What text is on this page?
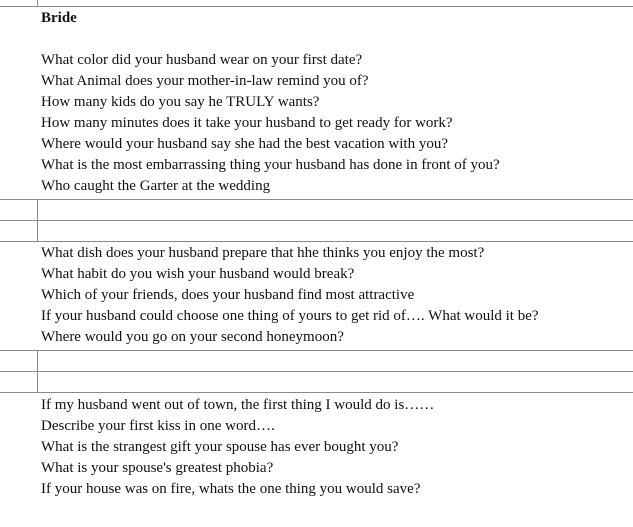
Bride
What color did your husband wear on your first date?
What Animal does your mother-in-law remind you of?
How many kids do you say he TRULY wants?
How many minutes does it take your husband to get ready for work?
Where would your husband say she had the best vacation with you?
What is the most embarrassing thing your husband has done in front of you?
Who caught the Garter at the wedding
What dish does your husband prepare that hhe thinks you enjoy the most?
What habit do you wish your husband would break?
Which of your friends, does your husband find most attractive
If your husband could choose one thing of yours to get rid of…. What would it be?
Where would you go on your second honeymoon?
If my husband went out of town, the first thing I would do is……
Describe your first kiss in one word….
What is the strangest gift your spouse has ever bought you?
What is your spouse's greatest phobia?
If your house was on fire, whats the one thing you would save?
